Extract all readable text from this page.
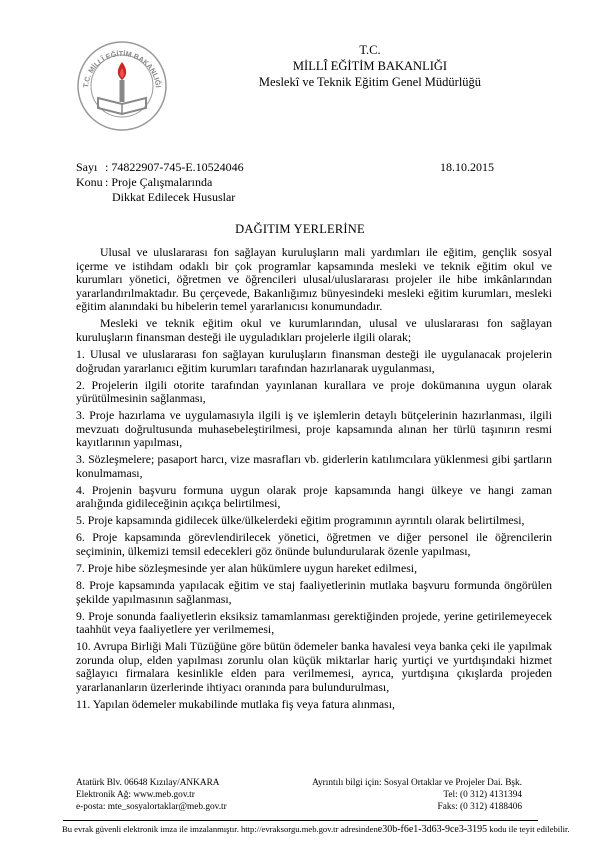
T.C. MİLLÎ EĞİTİM BAKANLIĞI
T.C.
MİLLÎ EĞİTİM BAKANLIĞI
Meslekî ve Teknik Eğitim Genel Müdürlüğü
Sayı : 74822907-745-E.10524046	18.10.2015
Konu : Proje Çalışmalarında
Dikkat Edilecek Hususlar
DAĞITIM YERLERİNE

Ulusal ve uluslararası fon sağlayan kuruluşların mali yardımları ile eğitim, gençlik sosyal içerme ve istihdam odaklı bir çok programlar kapsamında mesleki ve teknik eğitim okul ve kurumları yönetici, öğretmen ve öğrencileri ulusal/uluslararası projeler ile hibe imkânlarından yararlandırılmaktadır. Bu çerçevede, Bakanlığımız bünyesindeki mesleki eğitim kurumları, mesleki eğitim alanındaki bu hibelerin temel yararlanıcısı konumundadır.

Mesleki ve teknik eğitim okul ve kurumlarından, ulusal ve uluslararası fon sağlayan kuruluşların finansman desteği ile uyguladıkları projelerle ilgili olarak;

1. Ulusal ve uluslararası fon sağlayan kuruluşların finansman desteği ile uygulanacak projelerin doğrudan yararlanıcı eğitim kurumları tarafından hazırlanarak uygulanması,

2. Projelerin ilgili otorite tarafından yayınlanan kurallara ve proje dokümanına uygun olarak yürütülmesinin sağlanması,

3. Proje hazırlama ve uygulamasıyla ilgili iş ve işlemlerin detaylı bütçelerinin hazırlanması, ilgili mevzuatı doğrultusunda muhasebeleştirilmesi, proje kapsamında alınan her türlü taşınırın resmi kayıtlarının yapılması,

3. Sözleşmelere; pasaport harcı, vize masrafları vb. giderlerin katılımcılara yüklenmesi gibi şartların konulmaması,

4. Projenin başvuru formuna uygun olarak proje kapsamında hangi ülkeye ve hangi zaman aralığında gidileceğinin açıkça belirtilmesi,

5. Proje kapsamında gidilecek ülke/ülkelerdeki eğitim programının ayrıntılı olarak belirtilmesi,

6. Proje kapsamında görevlendirilecek yönetici, öğretmen ve diğer personel ile öğrencilerin seçiminin, ülkemizi temsil edecekleri göz önünde bulundurularak özenle yapılması,

7. Proje hibe sözleşmesinde yer alan hükümlere uygun hareket edilmesi,

8. Proje kapsamında yapılacak eğitim ve staj faaliyetlerinin mutlaka başvuru formunda öngörülen şekilde yapılmasının sağlanması,

9. Proje sonunda faaliyetlerin eksiksiz tamamlanması gerektiğinden projede, yerine getirilemeyecek taahhüt veya faaliyetlere yer verilmemesi,

10. Avrupa Birliği Mali Tüzüğüne göre bütün ödemeler banka havalesi veya banka çeki ile yapılmak zorunda olup, elden yapılması zorunlu olan küçük miktarlar hariç yurtiçi ve yurtdışındaki hizmet sağlayıcı firmalara kesinlikle elden para verilmemesi, ayrıca, yurtdışına çıkışlarda projeden yararlananların üzerlerinde ihtiyacı oranında para bulundurulması,

11. Yapılan ödemeler mukabilinde mutlaka fiş veya fatura alınması,

Atatürk Blv. 06648 Kızılay/ANKARA
Elektronik Ağ: www.meb.gov.tr
e-posta: mte_sosyalortaklar@meb.gov.tr
Ayrıntılı bilgi için: Sosyal Ortaklar ve Projeler Dai. Bşk.
Tel: (0 312) 4131394
Faks: (0 312) 4188406
Bu evrak güvenli elektronik imza ile imzalanmıştır. http://evraksorgu.meb.gov.tr adresindene30b-f6e1-3d63-9ce3-3195 kodu ile teyit edilebilir.
